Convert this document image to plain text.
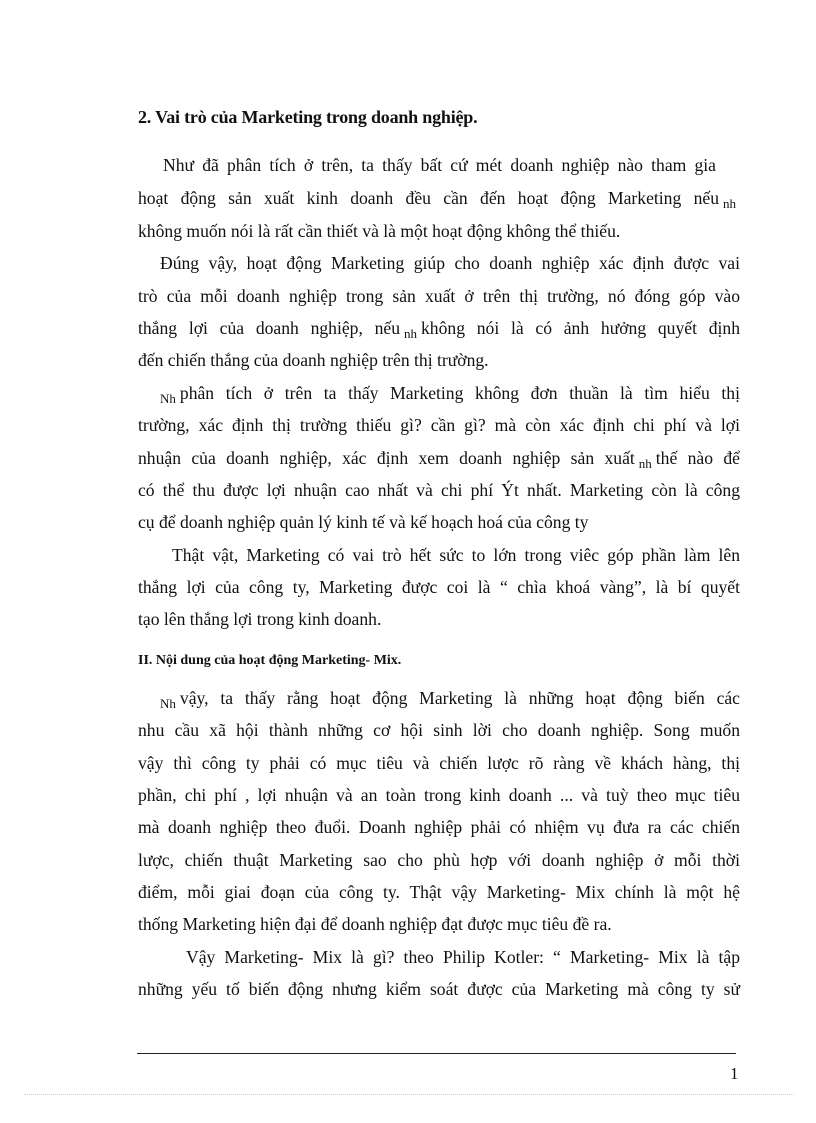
2. Vai trò của Marketing trong doanh nghiệp.
Như đã phân tích ở trên, ta thấy bất cứ mét doanh nghiệp nào tham gia
hoạt động sản xuất kinh doanh đều cần đến hoạt động Marketing nếu $_{nh}$
không muốn nói là rất cần thiết và là một hoạt động không thể thiếu.
Đúng vậy, hoạt động Marketing giúp cho doanh nghiệp xác định được vai
trò của mỗi doanh nghiệp trong sản xuất ở trên thị trường, nó đóng góp vào
thắng lợi của doanh nghiệp, nếu $_{nh}$ không nói là có ảnh hưởng quyết định
đến chiến thắng của doanh nghiệp trên thị trường.
$_{Nh}$ phân tích ở trên ta thấy Marketing không đơn thuần là tìm hiểu thị
trường, xác định thị trường thiếu gì? cần gì? mà còn xác định chi phí và lợi
nhuận của doanh nghiệp, xác định xem doanh nghiệp sản xuất $_{nh}$ thế nào để
có thể thu được lợi nhuận cao nhất và chi phí Ýt nhất. Marketing còn là công
cụ để doanh nghiệp quản lý kinh tế và kế hoạch hoá của công ty
Thật vật, Marketing có vai trò hết sức to lớn trong viêc góp phần làm lên
thắng lợi của công ty, Marketing được coi là “ chìa khoá vàng”, là bí quyết
tạo lên thắng lợi trong kinh doanh.
II. Nội dung của hoạt động Marketing- Mix.
$_{Nh}$ vậy, ta thấy rằng hoạt động Marketing là những hoạt động biến các
nhu cầu xã hội thành những cơ hội sinh lời cho doanh nghiệp. Song muốn
vậy thì công ty phải có mục tiêu và chiến lược rõ ràng về khách hàng, thị
phần, chi phí , lợi nhuận và an toàn trong kinh doanh ... và tuỳ theo mục tiêu
mà doanh nghiệp theo đuổi. Doanh nghiệp phải có nhiệm vụ đưa ra các chiến
lược, chiến thuật Marketing sao cho phù hợp với doanh nghiệp ở mỗi thời
điểm, mỗi giai đoạn của công ty. Thật vậy Marketing- Mix chính là một hệ
thống Marketing hiện đại để doanh nghiệp đạt được mục tiêu đề ra.
Vậy Marketing- Mix là gì? theo Philip Kotler: “ Marketing- Mix là tập
những yếu tố biến động nhưng kiểm soát được của Marketing mà công ty sử
1
